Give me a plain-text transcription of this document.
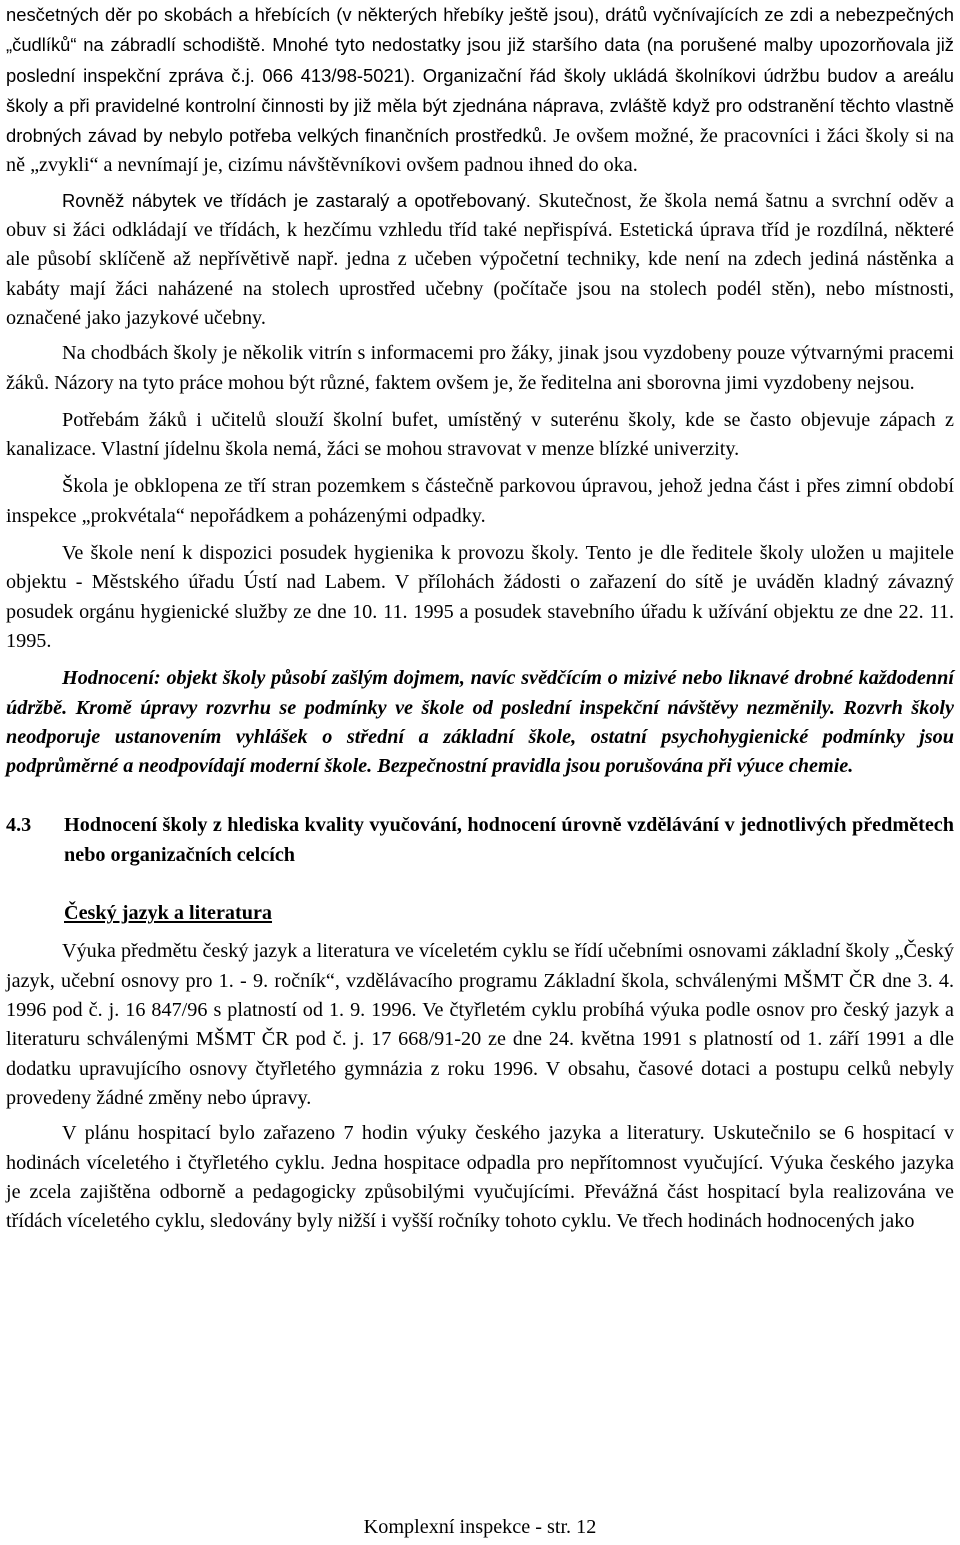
nesčetných děr po skobách a hřebících (v některých hřebíky ještě jsou), drátů vyčnívajících ze zdi a nebezpečných „čudlíků“ na zábradlí schodiště. Mnohé tyto nedostatky jsou již staršího data (na porušené malby upozorňovala již poslední inspekční zpráva č.j. 066 413/98-5021). Organizační řád školy ukládá školníkovi údržbu budov a areálu školy a při pravidelné kontrolní činnosti by již měla být zjednána náprava, zvláště když pro odstranění těchto vlastně drobných závad by nebylo potřeba velkých finančních prostředků. Je ovšem možné, že pracovníci i žáci školy si na ně „zvykli“ a nevnímají je, cizímu návštěvníkovi ovšem padnou ihned do oka.

Rovněž nábytek ve třídách je zastaralý a opotřebovaný. Skutečnost, že škola nemá šatnu a svrchní oděv a obuv si žáci odkládají ve třídách, k hezčímu vzhledu tříd také nepřispívá. Estetická úprava tříd je rozdílná, některé ale působí sklíčeně až nepřívětivě např. jedna z učeben výpočetní techniky, kde není na zdech jediná nástěnka a kabáty mají žáci naházené na stolech uprostřed učebny (počítače jsou na stolech podél stěn), nebo místnosti, označené jako jazykové učebny.

Na chodbách školy je několik vitrín s informacemi pro žáky, jinak jsou vyzdobeny pouze výtvarnými pracemi žáků. Názory na tyto práce mohou být různé, faktem ovšem je, že ředitelna ani sborovna jimi vyzdobeny nejsou.

Potřebám žáků i učitelů slouží školní bufet, umístěný v suterénu školy, kde se často objevuje zápach z kanalizace. Vlastní jídelnu škola nemá, žáci se mohou stravovat v menze blízké univerzity.

Škola je obklopena ze tří stran pozemkem s částečně parkovou úpravou, jehož jedna část i přes zimní období inspekce „prokvétala“ nepořádkem a poházenými odpadky.

Ve škole není k dispozici posudek hygienika k provozu školy. Tento je dle ředitele školy uložen u majitele objektu - Městského úřadu Ústí nad Labem. V přílohách žádosti o zařazení do sítě je uváděn kladný závazný posudek orgánu hygienické služby ze dne 10. 11. 1995 a posudek stavebního úřadu k užívání objektu ze dne 22. 11. 1995.

Hodnocení: objekt školy působí zašlým dojmem, navíc svědčícím o mizivé nebo liknavé drobné každodenní údržbě. Kromě úpravy rozvrhu se podmínky ve škole od poslední inspekční návštěvy nezměnily. Rozvrh školy neodporuje ustanovením vyhlášek o střední a základní škole, ostatní psychohygienické podmínky jsou podprůměrné a neodpovídají moderní škole. Bezpečnostní pravidla jsou porušována při výuce chemie.

4.3	Hodnocení školy z hlediska kvality vyučování, hodnocení úrovně vzdělávání v jednotlivých předmětech nebo organizačních celcích
Český jazyk a literatura

Výuka předmětu český jazyk a literatura ve víceletém cyklu se řídí učebními osnovami základní školy „Český jazyk, učební osnovy pro 1. - 9. ročník“, vzdělávacího programu Základní škola, schválenými MŠMT ČR dne 3. 4. 1996 pod č. j. 16 847/96 s platností od 1. 9. 1996. Ve čtyřletém cyklu probíhá výuka podle osnov pro český jazyk a literaturu schválenými MŠMT ČR pod č. j. 17 668/91-20 ze dne 24. května 1991 s platností od 1. září 1991 a dle dodatku upravujícího osnovy čtyřletého gymnázia z roku 1996. V obsahu, časové dotaci a postupu celků nebyly provedeny žádné změny nebo úpravy.

V plánu hospitací bylo zařazeno 7 hodin výuky českého jazyka a literatury. Uskutečnilo se 6 hospitací v hodinách víceletého i čtyřletého cyklu. Jedna hospitace odpadla pro nepřítomnost vyučující. Výuka českého jazyka je zcela zajištěna odborně a pedagogicky způsobilými vyučujícími. Převážná část hospitací byla realizována ve třídách víceletého cyklu, sledovány byly nižší i vyšší ročníky tohoto cyklu. Ve třech hodinách hodnocených jako

Komplexní inspekce - str. 12
